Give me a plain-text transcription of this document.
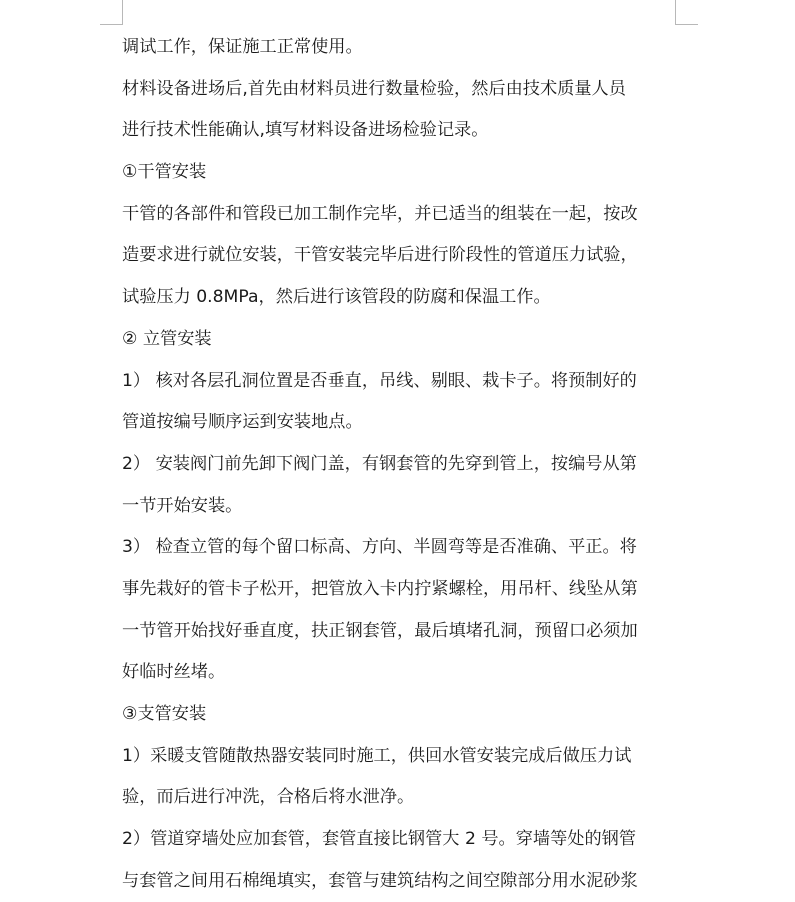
调试工作，保证施工正常使用。
材料设备进场后,首先由材料员进行数量检验，然后由技术质量人员
进行技术性能确认,填写材料设备进场检验记录。
①干管安装
干管的各部件和管段已加工制作完毕，并已适当的组装在一起，按改
造要求进行就位安装，干管安装完毕后进行阶段性的管道压力试验，
试验压力 0.8MPa，然后进行该管段的防腐和保温工作。
② 立管安装
1） 核对各层孔洞位置是否垂直，吊线、剔眼、栽卡子。将预制好的
管道按编号顺序运到安装地点。
2） 安装阀门前先卸下阀门盖，有钢套管的先穿到管上，按编号从第
一节开始安装。
3） 检查立管的每个留口标高、方向、半圆弯等是否准确、平正。将
事先栽好的管卡子松开，把管放入卡内拧紧螺栓，用吊杆、线坠从第
一节管开始找好垂直度，扶正钢套管，最后填堵孔洞，预留口必须加
好临时丝堵。
③支管安装
1）采暖支管随散热器安装同时施工，供回水管安装完成后做压力试
验，而后进行冲洗，合格后将水泄净。
2）管道穿墙处应加套管，套管直接比钢管大 2 号。穿墙等处的钢管
与套管之间用石棉绳填实，套管与建筑结构之间空隙部分用水泥砂浆
